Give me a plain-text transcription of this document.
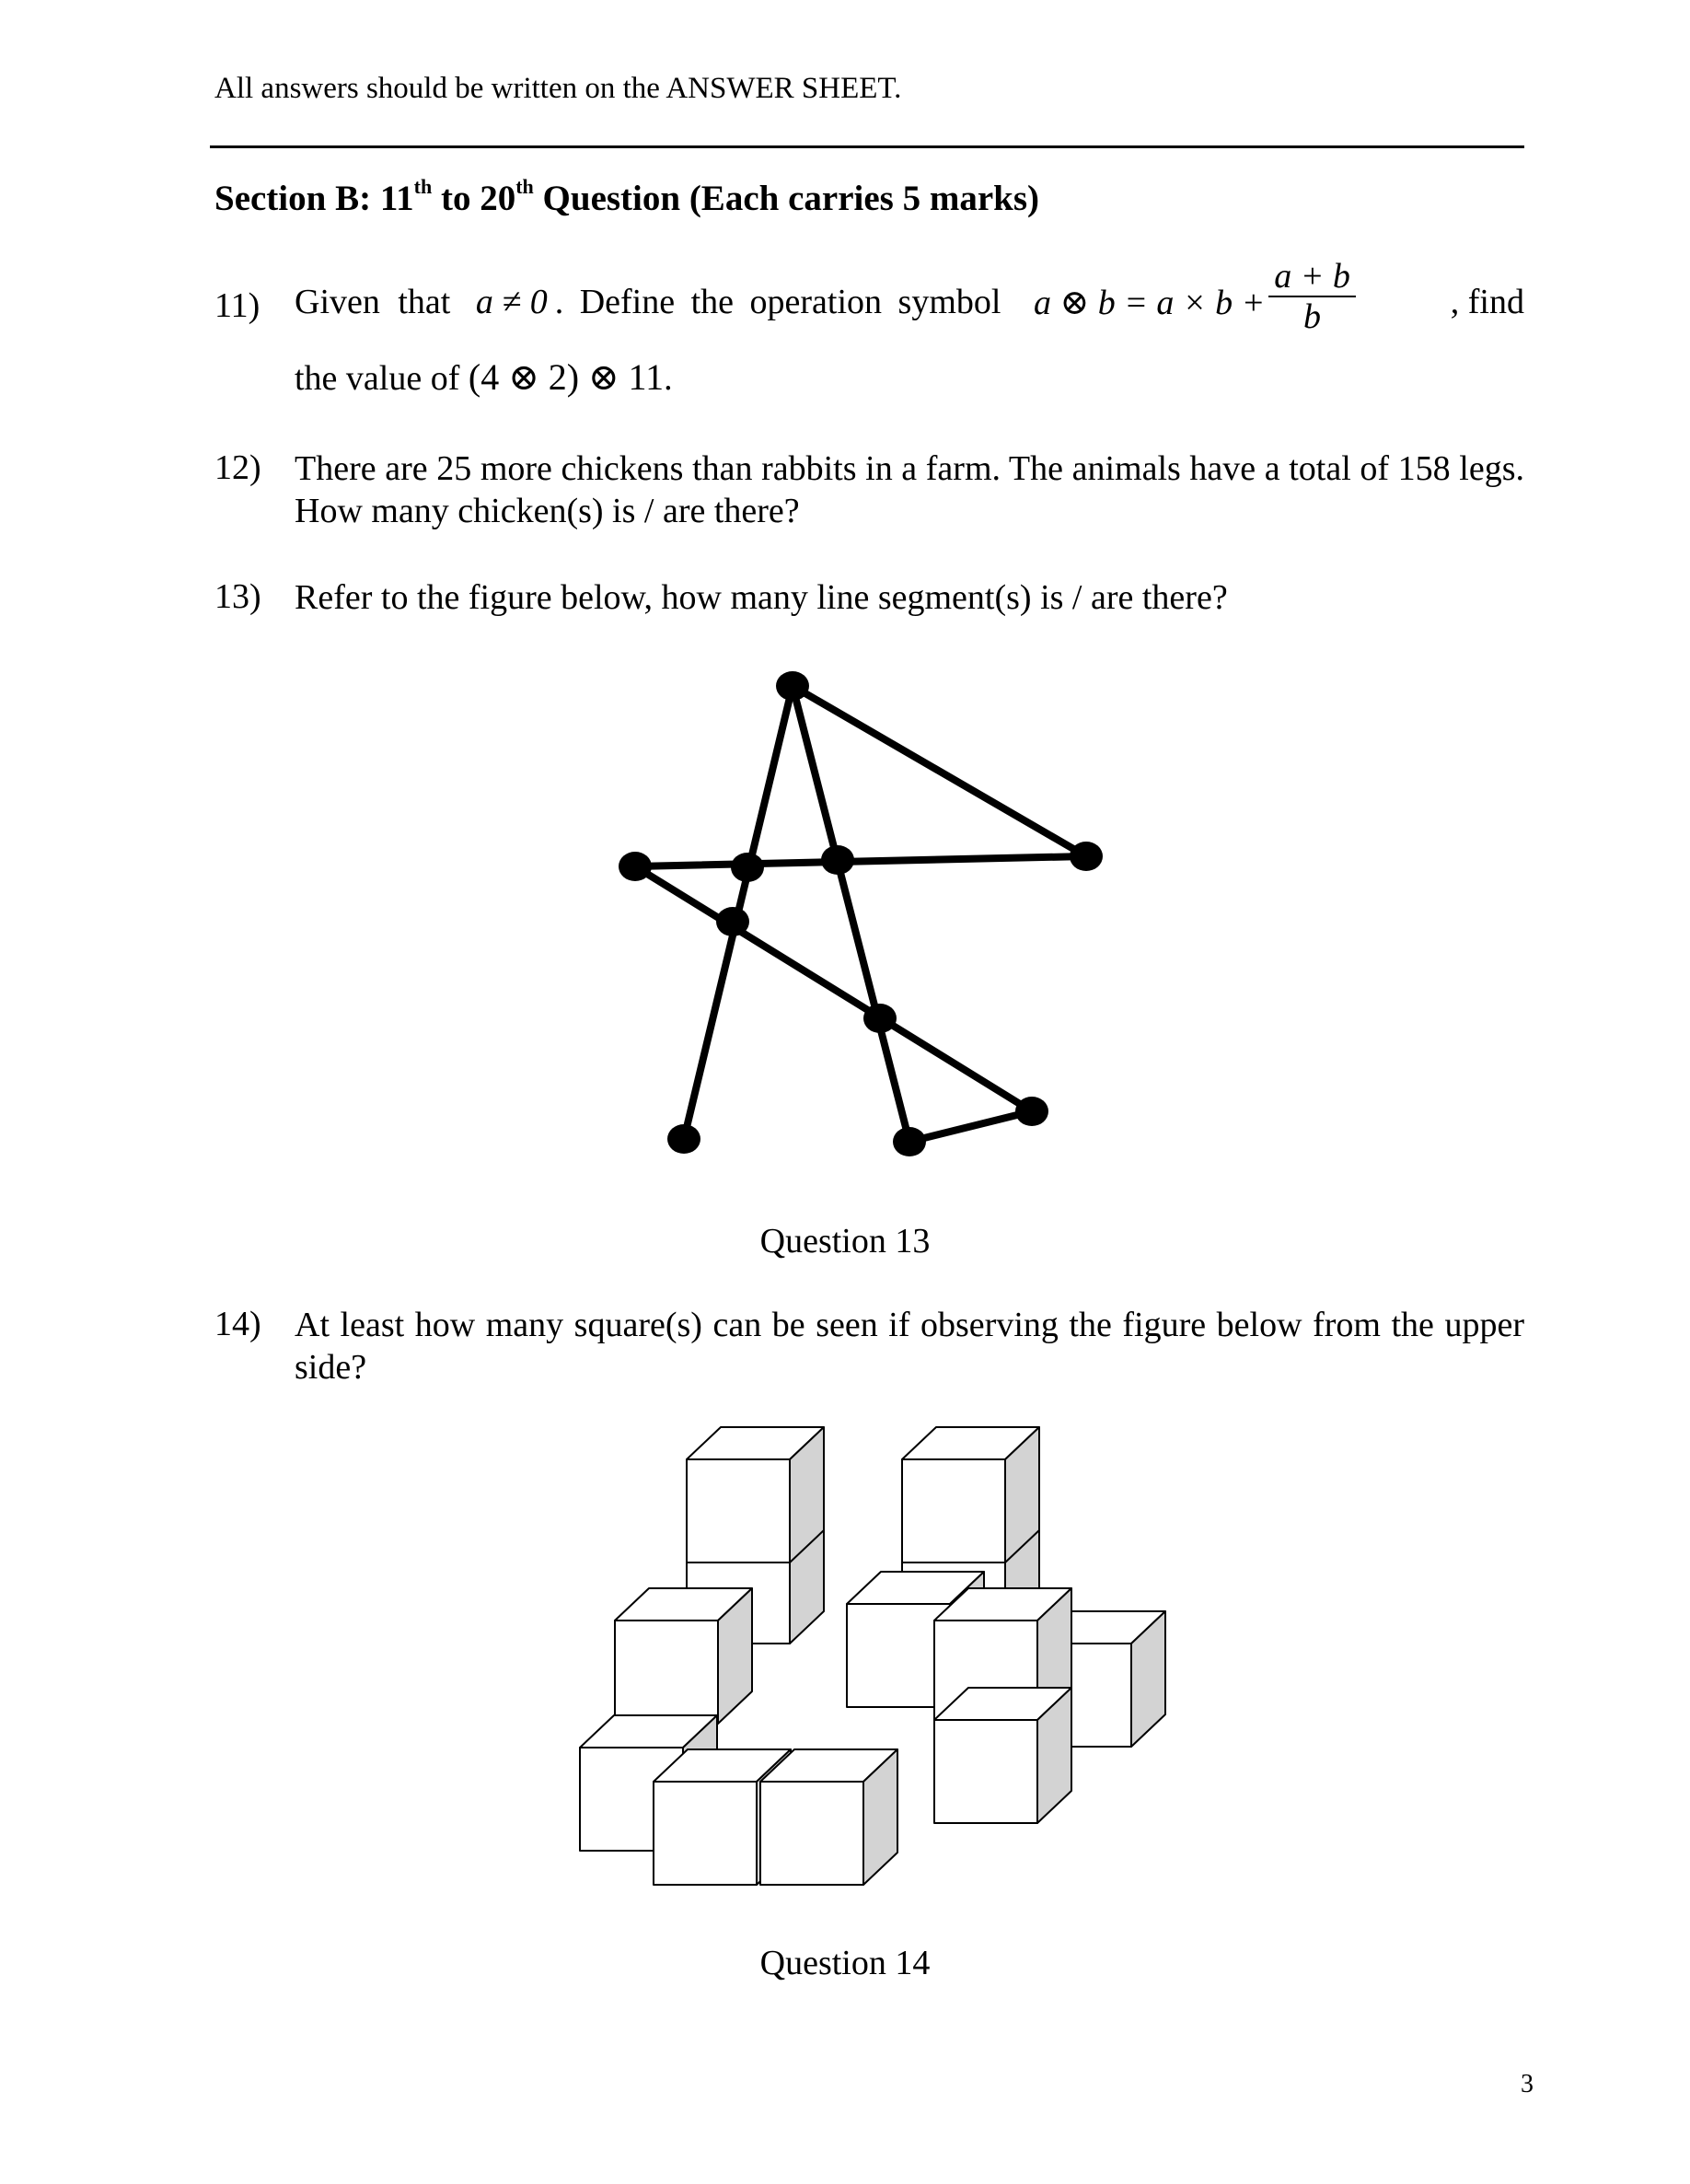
All answers should be written on the ANSWER SHEET.
Section B: 11th to 20th Question (Each carries 5 marks)
11) Given that a ≠ 0 . Define the operation symbol a ⊗ $b = a \times b + \frac{a + b}{b}$	, find
the value of (4 ⊗ 2) ⊗ 11.
12) There are 25 more chickens than rabbits in a farm. The animals have a total of 158 legs. How many chicken(s) is / are there?
13) Refer to the figure below, how many line segment(s) is / are there?
Question 13
14) At least how many square(s) can be seen if observing the figure below from the upper side?
Question 14
3
